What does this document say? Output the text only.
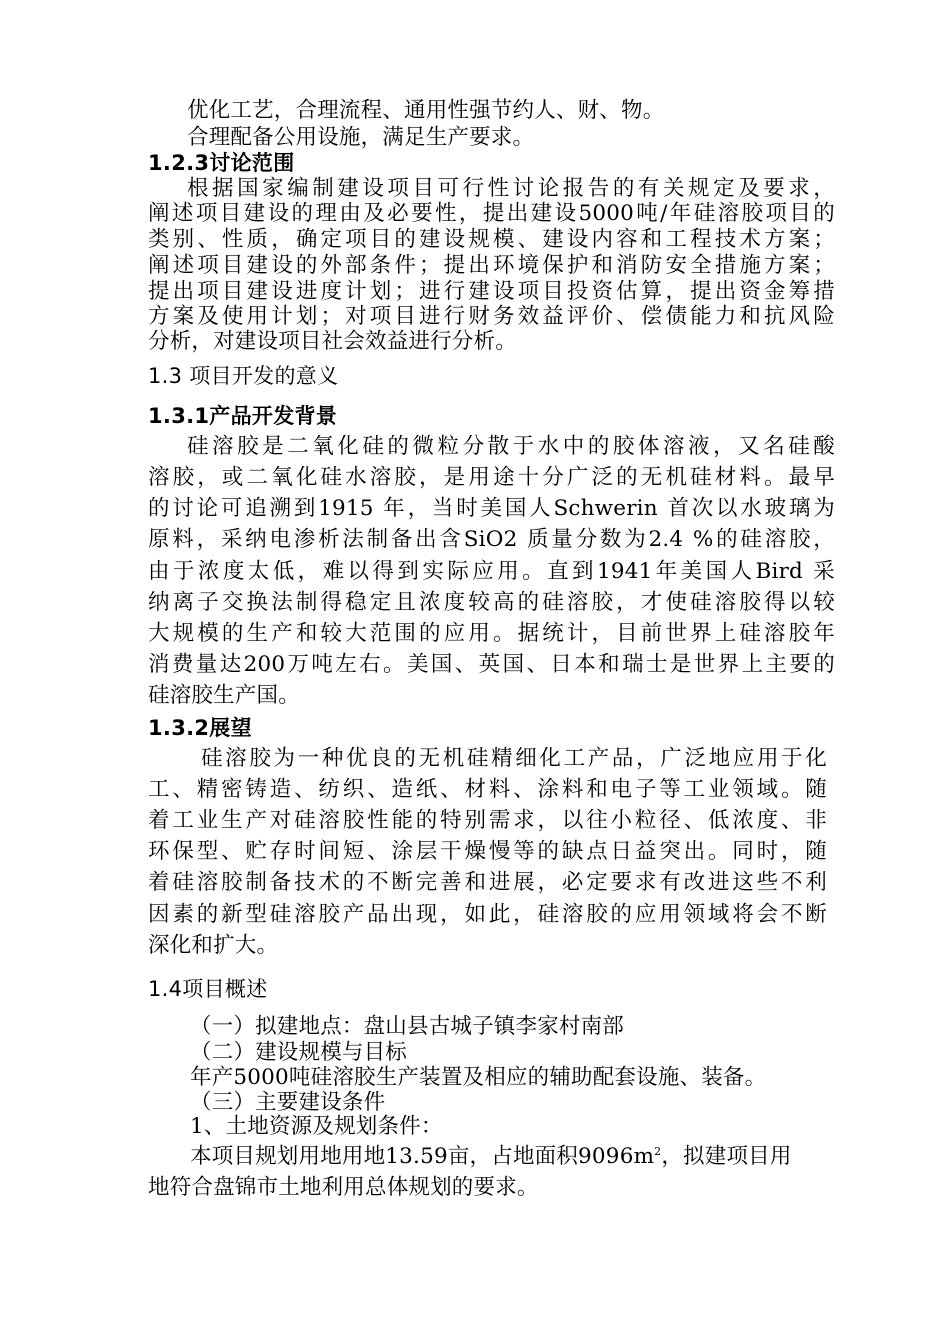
优化工艺，合理流程、通用性强节约人、财、物。
合理配备公用设施，满足生产要求。
1.2.3讨论范围
根据国家编制建设项目可行性讨论报告的有关规定及要求，
阐述项目建设的理由及必要性，提出建设5000吨/年硅溶胶项目的
类别、性质，确定项目的建设规模、建设内容和工程技术方案；
阐述项目建设的外部条件；提出环境保护和消防安全措施方案；
提出项目建设进度计划；进行建设项目投资估算，提出资金筹措
方案及使用计划；对项目进行财务效益评价、偿债能力和抗风险
分析，对建设项目社会效益进行分析。
1.3 项目开发的意义
1.3.1产品开发背景
硅溶胶是二氧化硅的微粒分散于水中的胶体溶液，又名硅酸
溶胶，或二氧化硅水溶胶，是用途十分广泛的无机硅材料。最早
的讨论可追溯到1915 年，当时美国人Schwerin 首次以水玻璃为
原料，采纳电渗析法制备出含SiO2 质量分数为2.4 %的硅溶胶，
由于浓度太低，难以得到实际应用。直到1941年美国人Bird 采
纳离子交换法制得稳定且浓度较高的硅溶胶，才使硅溶胶得以较
大规模的生产和较大范围的应用。据统计，目前世界上硅溶胶年
消费量达200万吨左右。美国、英国、日本和瑞士是世界上主要的
硅溶胶生产国。
1.3.2展望
硅溶胶为一种优良的无机硅精细化工产品，广泛地应用于化
工、精密铸造、纺织、造纸、材料、涂料和电子等工业领域。随
着工业生产对硅溶胶性能的特别需求，以往小粒径、低浓度、非
环保型、贮存时间短、涂层干燥慢等的缺点日益突出。同时，随
着硅溶胶制备技术的不断完善和进展，必定要求有改进这些不利
因素的新型硅溶胶产品出现，如此，硅溶胶的应用领域将会不断
深化和扩大。
1.4项目概述
（一）拟建地点：盘山县古城子镇李家村南部
（二）建设规模与目标
年产5000吨硅溶胶生产装置及相应的辅助配套设施、装备。
（三）主要建设条件
1、土地资源及规划条件：
本项目规划用地用地13.59亩，占地面积$9096m^2$，拟建项目用
地符合盘锦市土地利用总体规划的要求。
